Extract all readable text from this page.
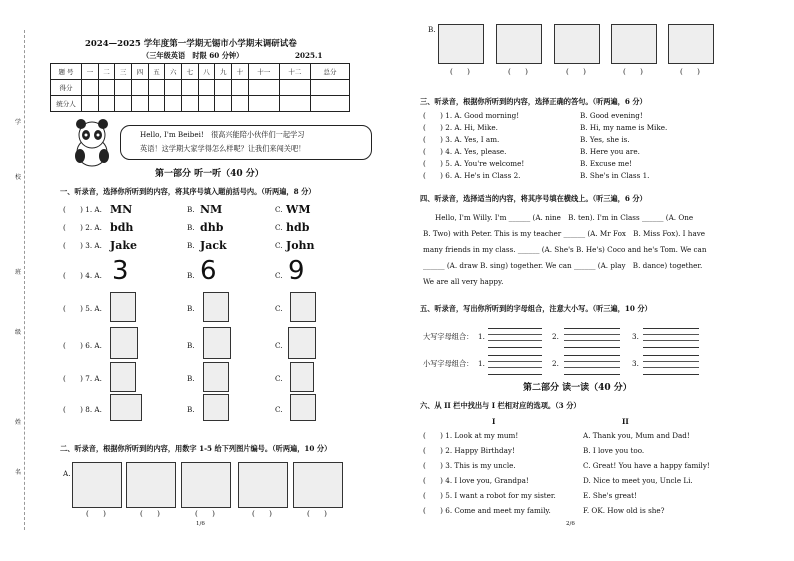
2024—2025 学年度第一学期无锡市小学期末调研试卷
（三年级英语　时限 60 分钟）	2025.1
题 号	一	二	三	四	五	六	七	八	九	十	十一	十二	总分
得分													
统分人													
学
校
班
级
姓
名
Hello, I'm Beibei!　很高兴能陪小伙伴们一起学习
英语！这学期大家学得怎么样呢？让我们来闯关吧！
第一部分 听一听（40 分）
一、听录音，选择你所听到的内容，将其序号填入题前括号内。（听两遍，8 分）
(　　) 1. A. MN	B. NM	C. WM
(　　) 2. A. bdh	B. dhb	C. hdb
(　　) 3. A. Jake	B. Jack	C. John
(　　) 4. A. 3	B. 6	C. 9
(　　) 5. A.	B.	C.
(　　) 6. A.	B.	C.
(　　) 7. A.	B.	C.
(　　) 8. A.	B.	C.
二、听录音，根据你所听到的内容，用数字 1-5 给下列图片编号。（听两遍，10 分）
A.
(　　)	(　　)	(　　)	(　　)	(　　)
1/6
B.
(　　)	(　　)	(　　)	(　　)	(　　)
三、听录音，根据你所听到的内容，选择正确的答句。（听两遍，6 分）
(　　) 1. A. Good morning!	B. Good evening!
(　　) 2. A. Hi, Mike.	B. Hi, my name is Mike.
(　　) 3. A. Yes, I am.	B. Yes, she is.
(　　) 4. A. Yes, please.	B. Here you are.
(　　) 5. A. You're welcome!	B. Excuse me!
(　　) 6. A. He's in Class 2.	B. She's in Class 1.
四、听录音，选择适当的内容，将其序号填在横线上。（听三遍，6 分）
Hello, I'm Willy. I'm ______ (A. nine　B. ten). I'm in Class ______ (A. One
B. Two) with Peter. This is my teacher ______ (A. Mr Fox　B. Miss Fox). I have
many friends in my class. ______ (A. She's B. He's) Coco and he's Tom. We can
______ (A. draw B. sing) together. We can ______ (A. play　B. dance) together.
We are all very happy.
五、听录音，写出你所听到的字母组合，注意大小写。（听三遍，10 分）
大写字母组合： 1.	2.	3.
小写字母组合： 1.	2.	3.
第二部分 读一读（40 分）
六、从 II 栏中找出与 I 栏相对应的选项。（3 分）
I	II
(　　) 1. Look at my mum!	A. Thank you, Mum and Dad!
(　　) 2. Happy Birthday!	B. I love you too.
(　　) 3. This is my uncle.	C. Great! You have a happy family!
(　　) 4. I love you, Grandpa!	D. Nice to meet you, Uncle Li.
(　　) 5. I want a robot for my sister.	E. She's great!
(　　) 6. Come and meet my family.	F. OK. How old is she?
2/6
